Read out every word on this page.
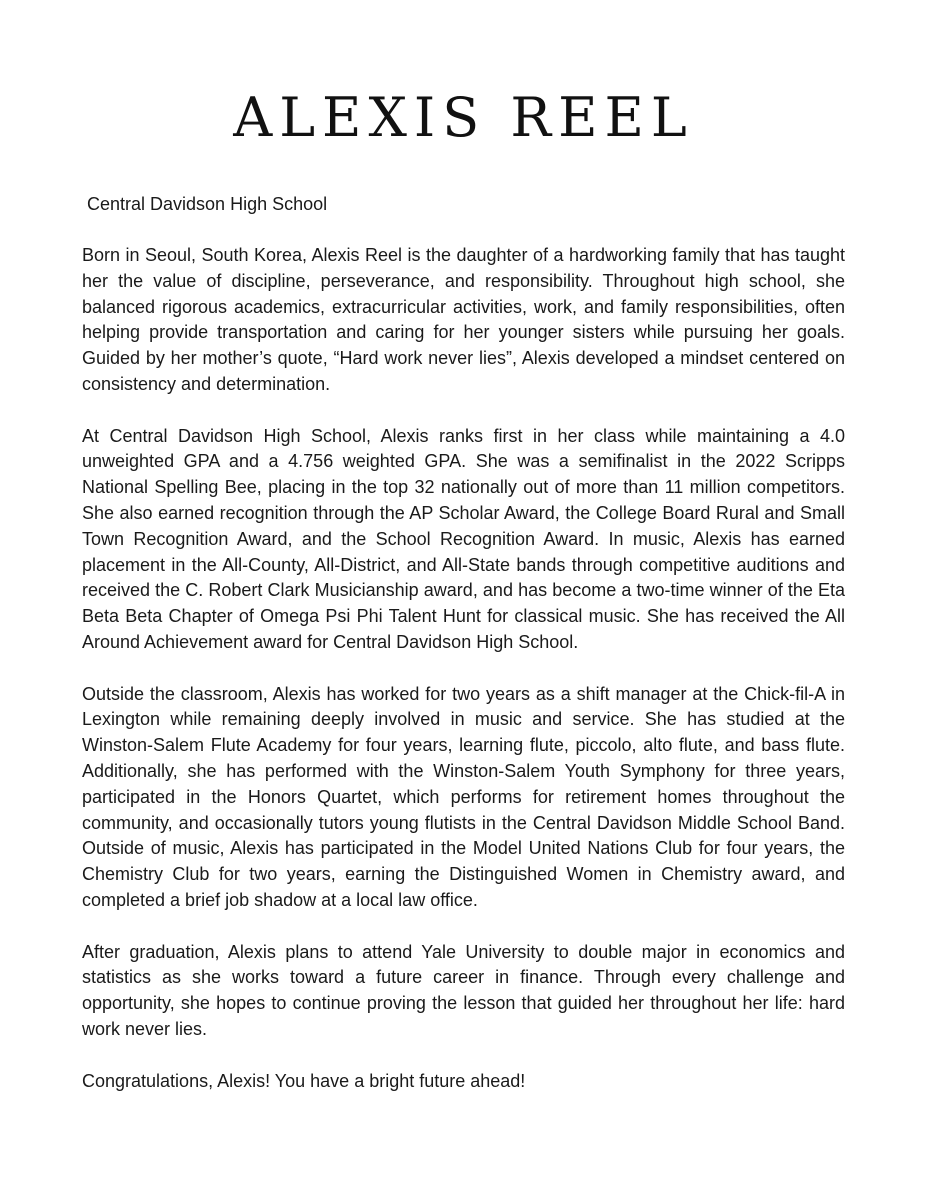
ALEXIS REEL

Central Davidson High School

Born in Seoul, South Korea, Alexis Reel is the daughter of a hardworking family that has taught her the value of discipline, perseverance, and responsibility. Throughout high school, she balanced rigorous academics, extracurricular activities, work, and family responsibilities, often helping provide transportation and caring for her younger sisters while pursuing her goals. Guided by her mother’s quote, “Hard work never lies”, Alexis developed a mindset centered on consistency and determination.

At Central Davidson High School, Alexis ranks first in her class while maintaining a 4.0 unweighted GPA and a 4.756 weighted GPA. She was a semifinalist in the 2022 Scripps National Spelling Bee, placing in the top 32 nationally out of more than 11 million competitors. She also earned recognition through the AP Scholar Award, the College Board Rural and Small Town Recognition Award, and the School Recognition Award. In music, Alexis has earned placement in the All-County, All-District, and All-State bands through competitive auditions and received the C. Robert Clark Musicianship award, and has become a two-time winner of the Eta Beta Beta Chapter of Omega Psi Phi Talent Hunt for classical music. She has received the All Around Achievement award for Central Davidson High School.

Outside the classroom, Alexis has worked for two years as a shift manager at the Chick-fil-A in Lexington while remaining deeply involved in music and service. She has studied at the Winston-Salem Flute Academy for four years, learning flute, piccolo, alto flute, and bass flute. Additionally, she has performed with the Winston-Salem Youth Symphony for three years, participated in the Honors Quartet, which performs for retirement homes throughout the community, and occasionally tutors young flutists in the Central Davidson Middle School Band. Outside of music, Alexis has participated in the Model United Nations Club for four years, the Chemistry Club for two years, earning the Distinguished Women in Chemistry award, and completed a brief job shadow at a local law office.

After graduation, Alexis plans to attend Yale University to double major in economics and statistics as she works toward a future career in finance. Through every challenge and opportunity, she hopes to continue proving the lesson that guided her throughout her life: hard work never lies.

Congratulations, Alexis! You have a bright future ahead!
